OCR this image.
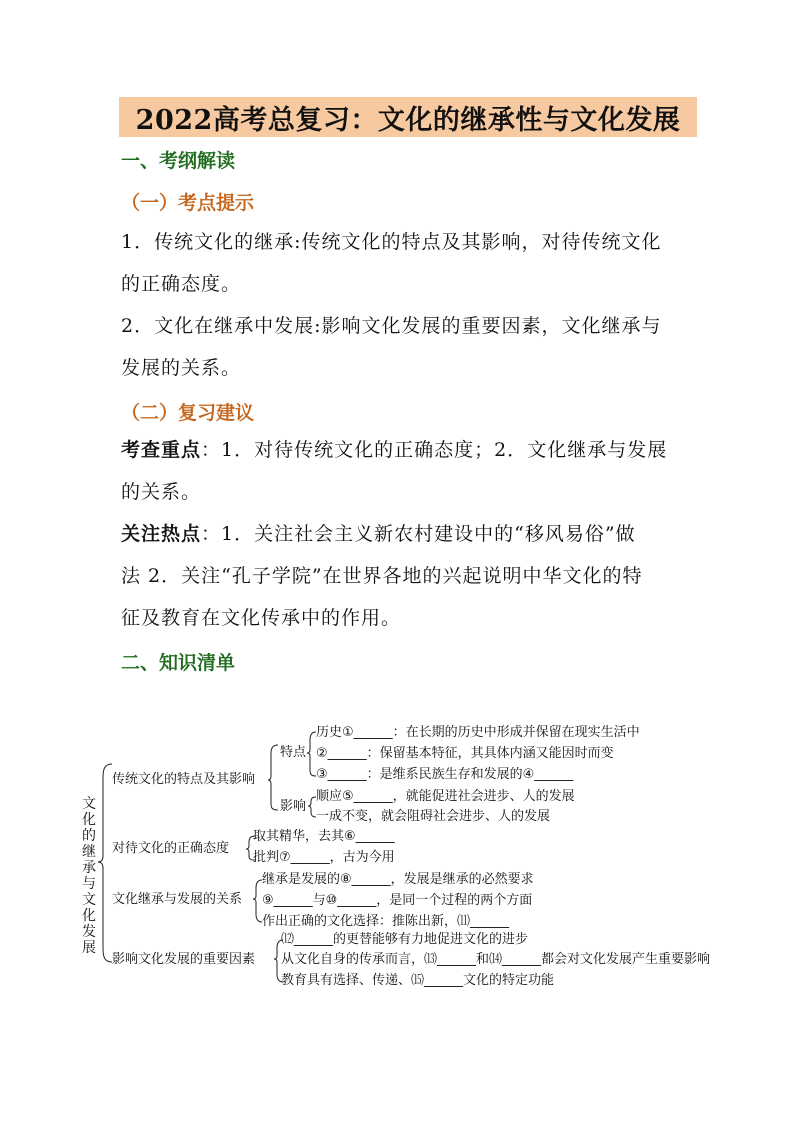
2022高考总复习：文化的继承性与文化发展
一、考纲解读
（一）考点提示
1．传统文化的继承:传统文化的特点及其影响，对待传统文化
的正确态度。
2．文化在继承中发展:影响文化发展的重要因素，文化继承与
发展的关系。
（二）复习建议
考查重点：1．对待传统文化的正确态度；2．文化继承与发展
的关系。
关注热点：1．关注社会主义新农村建设中的“移风易俗”做
法 2．关注“孔子学院”在世界各地的兴起说明中华文化的特
征及教育在文化传承中的作用。
二、知识清单
文化的继承与文化发展
传统文化的特点及其影响
特点
历史①______：在长期的历史中形成并保留在现实生活中
②______：保留基本特征，其具体内涵又能因时而变
③______：是维系民族生存和发展的④______
影响
顺应⑤______，就能促进社会进步、人的发展
一成不变，就会阻碍社会进步、人的发展
对待文化的正确态度
取其精华，去其⑥______
批判⑦______，古为今用
文化继承与发展的关系
继承是发展的⑧______，发展是继承的必然要求
⑨______与⑩______，是同一个过程的两个方面
作出正确的文化选择：推陈出新，⑾______
影响文化发展的重要因素
⑿______的更替能够有力地促进文化的进步
从文化自身的传承而言，⒀______和⒁______都会对文化发展产生重要影响
教育具有选择、传递、⒂______文化的特定功能
